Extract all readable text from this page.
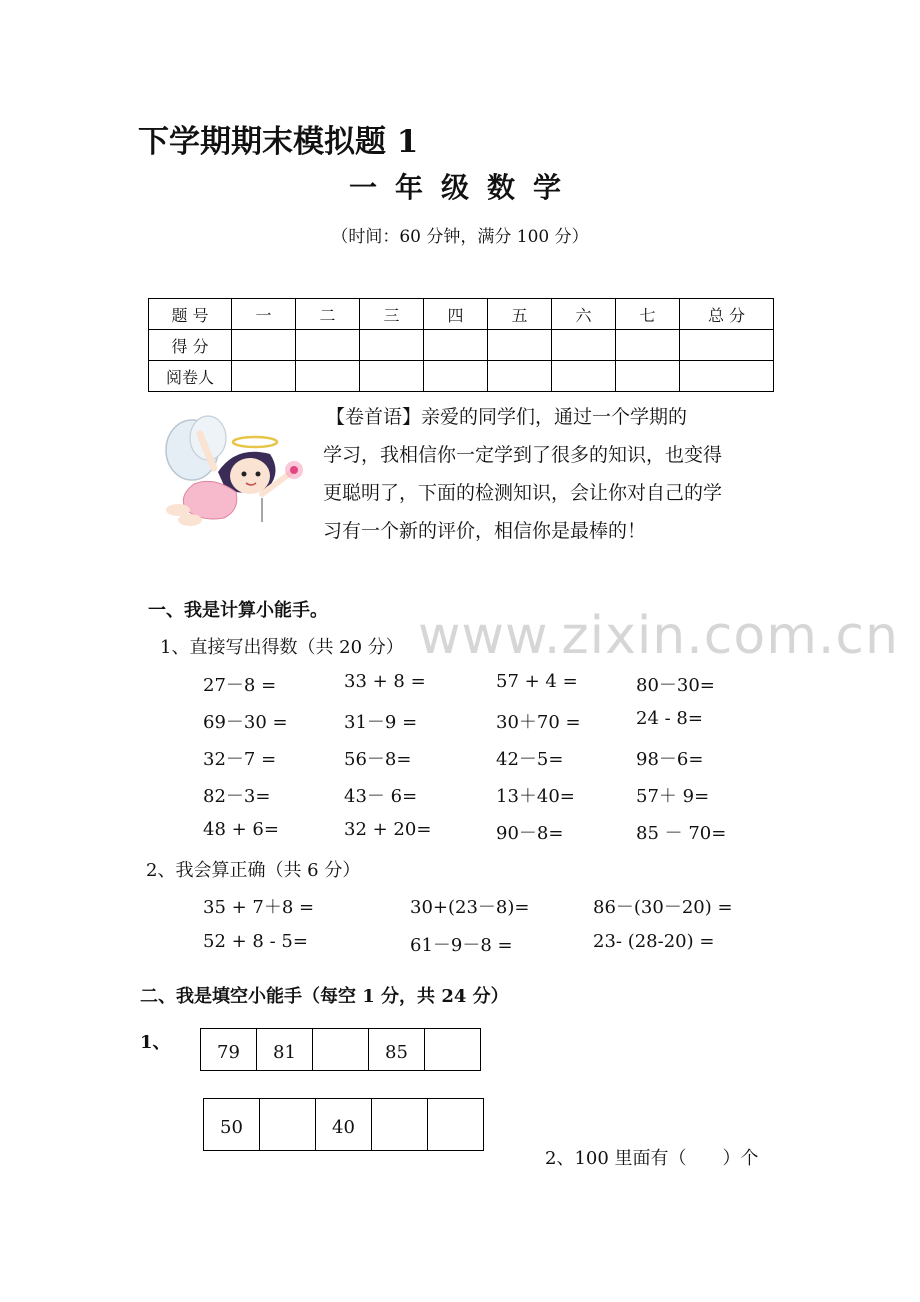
下学期期末模拟题 1
一年级数学
（时间：60 分钟，满分 100 分）
题 号	一	二	三	四	五	六	七	总 分
得 分								
阅卷人								
【卷首语】亲爱的同学们，通过一个学期的
学习，我相信你一定学到了很多的知识，也变得
更聪明了，下面的检测知识，会让你对自己的学
习有一个新的评价，相信你是最棒的！
www.zixin.com.cn
一、我是计算小能手。
1、直接写出得数（共 20 分）
27－8 =	33 + 8 =	57 + 4 =	80－30=
69－30 =	31－9 =	30＋70 =	24 - 8=
32－7 =	56－8=	42－5=	98－6=
82－3=	43－ 6=	13＋40=	57＋ 9=
48 + 6=	32 + 20=	90－8=	85 － 70=
2、我会算正确（共 6 分）
35 + 7＋8 =	30+(23－8)=	86－(30－20) =
52 + 8 - 5=	61－9－8 =	23- (28-20) =
二、我是填空小能手（每空 1 分，共 24 分）
1、	79	81		85	
50		40		
2、100 里面有（　　）个
